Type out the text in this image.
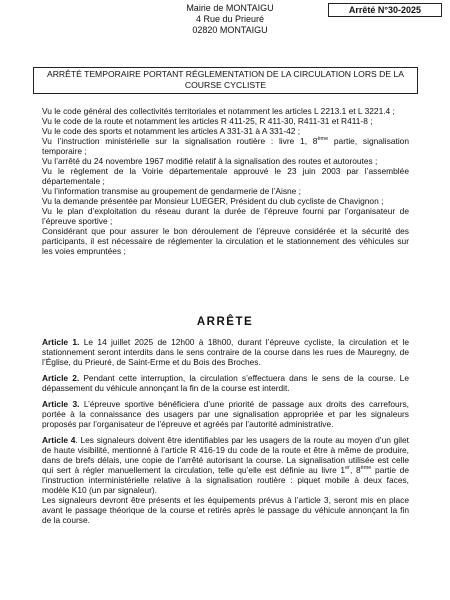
Mairie de MONTAIGU
4 Rue du Prieuré
02820 MONTAIGU
Arrêté N°30-2025
ARRÊTÉ TEMPORAIRE PORTANT RÉGLEMENTATION DE LA CIRCULATION LORS DE LA COURSE CYCLISTE

Vu le code général des collectivités territoriales et notamment les articles L 2213.1 et L 3221.4 ;

Vu le code de la route et notamment les articles R 411-25, R 411-30, R411-31 et R411-8 ;

Vu le code des sports et notamment les articles A 331-31 à A 331-42 ;

Vu l’instruction ministérielle sur la signalisation routière : livre 1, 8ème partie, signalisation temporaire ;

Vu l’arrêté du 24 novembre 1967 modifié relatif à la signalisation des routes et autoroutes ;

Vu le règlement de la Voirie départementale approuvé le 23 juin 2003 par l’assemblée départementale ;

Vu l’information transmise au groupement de gendarmerie de l’Aisne ;

Vu la demande présentée par Monsieur LUEGER, Président du club cycliste de Chavignon ;

Vu le plan d’exploitation du réseau durant la durée de l’épreuve fourni par l’organisateur de l’épreuve sportive ;

Considérant que pour assurer le bon déroulement de l’épreuve considérée et la sécurité des participants, il est nécessaire de réglementer la circulation et le stationnement des véhicules sur les voies empruntées ;

ARRÊTE

Article 1. Le 14 juillet 2025 de 12h00 à 18h00, durant l’épreuve cycliste, la circulation et le stationnement seront interdits dans le sens contraire de la course dans les rues de Mauregny, de l’Église, du Prieuré, de Saint-Erme et du Bois des Broches.

Article 2. Pendant cette interruption, la circulation s’effectuera dans le sens de la course. Le dépassement du véhicule annonçant la fin de la course est interdit.

Article 3. L’épreuve sportive bénéficiera d’une priorité de passage aux droits des carrefours, portée à la connaissance des usagers par une signalisation appropriée et par les signaleurs proposés par l’organisateur de l’épreuve et agréés par l’autorité administrative.

Article 4. Les signaleurs doivent être identifiables par les usagers de la route au moyen d’un gilet de haute visibilité, mentionné à l’article R 416-19 du code de la route et être à même de produire, dans de brefs délais, une copie de l’arrêté autorisant la course. La signalisation utilisée est celle qui sert à régler manuellement la circulation, telle qu’elle est définie au livre 1er, 8ème partie de l’instruction interministérielle relative à la signalisation routière : piquet mobile à deux faces, modèle K10 (un par signaleur).

Les signaleurs devront être présents et les équipements prévus à l’article 3, seront mis en place avant le passage théorique de la course et retirés après le passage du véhicule annonçant la fin de la course.
